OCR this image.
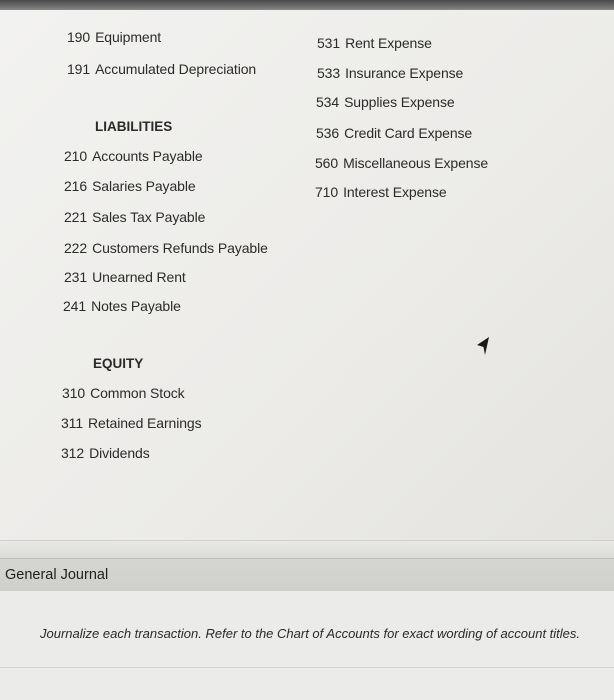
190 Equipment
191 Accumulated Depreciation
LIABILITIES
210 Accounts Payable
216 Salaries Payable
221 Sales Tax Payable
222 Customers Refunds Payable
231 Unearned Rent
241 Notes Payable
EQUITY
310 Common Stock
311 Retained Earnings
312 Dividends
531 Rent Expense
533 Insurance Expense
534 Supplies Expense
536 Credit Card Expense
560 Miscellaneous Expense
710 Interest Expense
General Journal
Journalize each transaction. Refer to the Chart of Accounts for exact wording of account titles.
